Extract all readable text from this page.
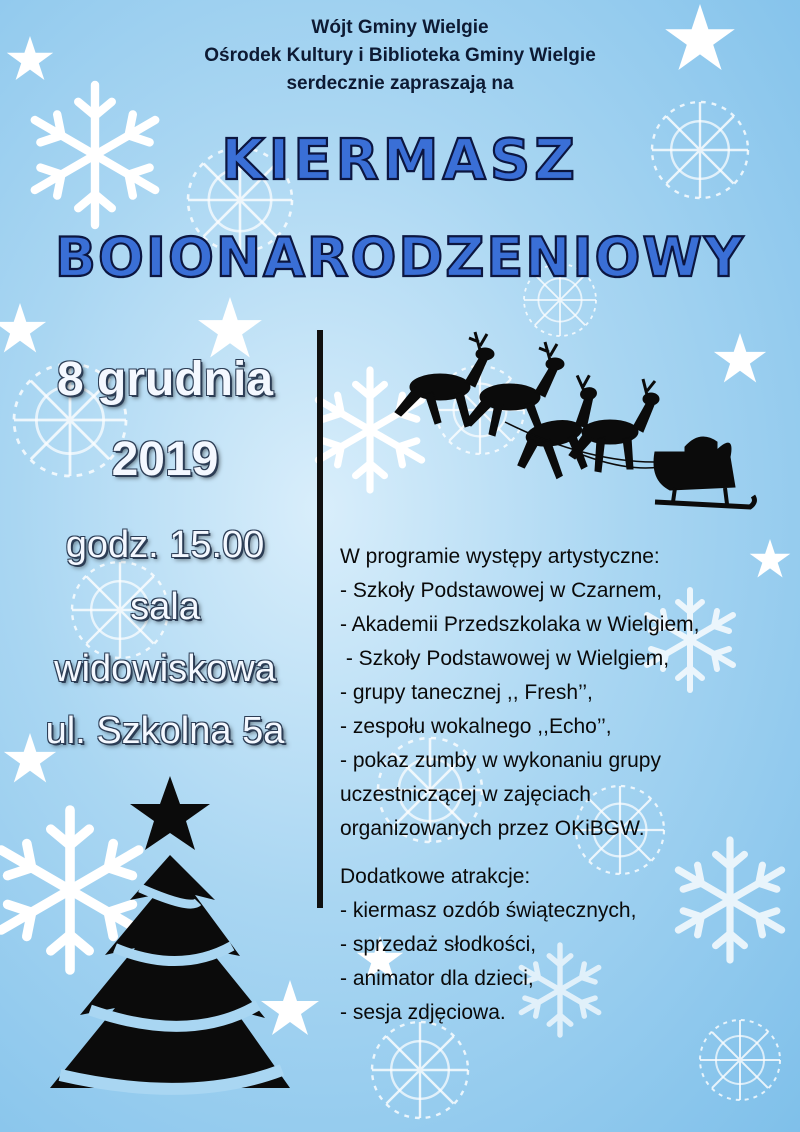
Wójt Gminy Wielgie
Ośrodek Kultury i Biblioteka Gminy Wielgie
serdecznie zapraszają na
KIERMASZ
BOIONARODZENIOWY
8 grudnia
2019
godz. 15.00
sala
widowiskowa
ul. Szkolna 5a
W programie występy artystyczne:
- Szkoły Podstawowej w Czarnem,
- Akademii Przedszkolaka w Wielgiem,
- Szkoły Podstawowej w Wielgiem,
- grupy tanecznej ,, Fresh’’,
- zespołu wokalnego ,,Echo’’,
- pokaz zumby w wykonaniu grupy
uczestniczącej w zajęciach
organizowanych przez OKiBGW.
Dodatkowe atrakcje:
- kiermasz ozdób świątecznych,
- sprzedaż słodkości,
- animator dla dzieci,
- sesja zdjęciowa.
